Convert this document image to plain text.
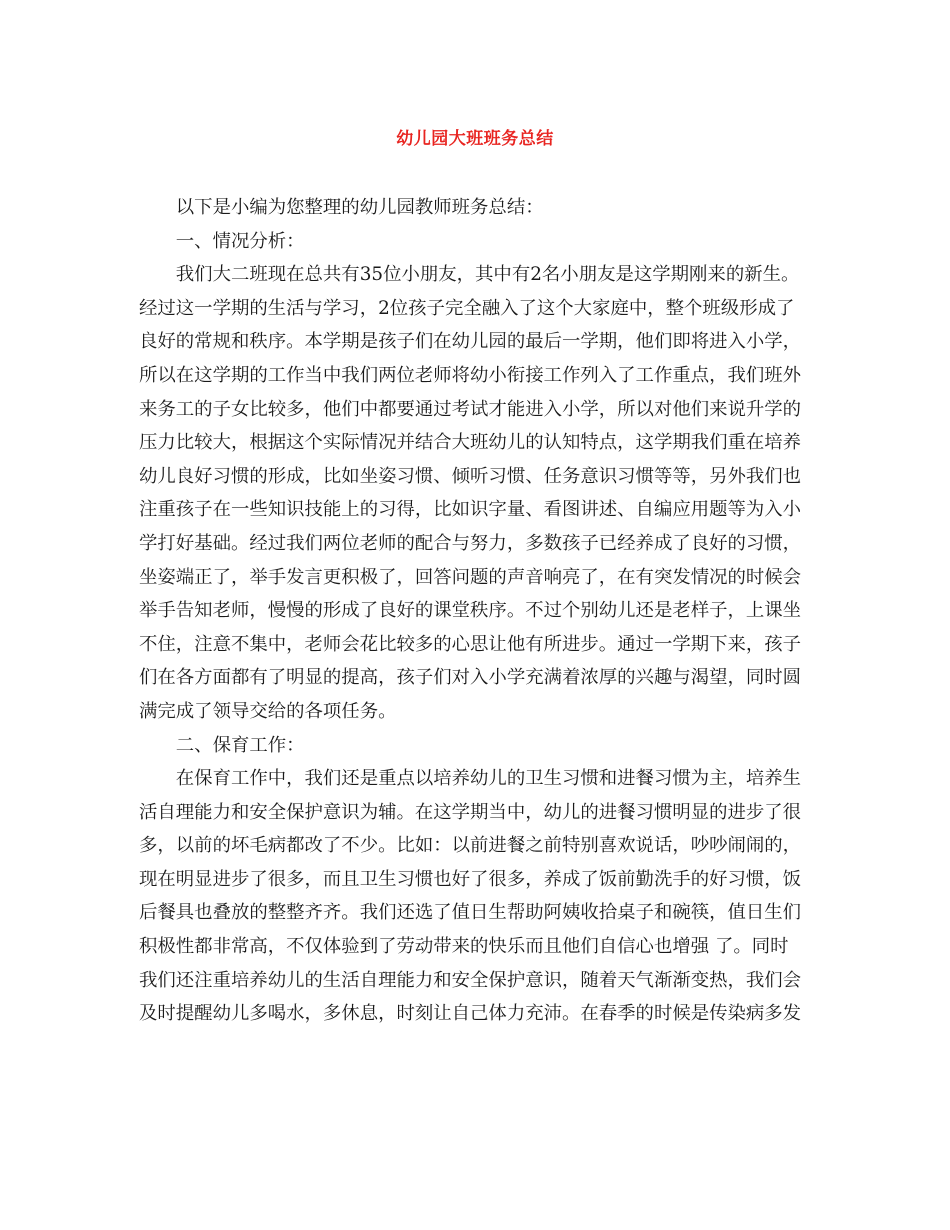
幼儿园大班班务总结
　　以下是小编为您整理的幼儿园教师班务总结：
　　一、情况分析：
　　我们大二班现在总共有35位小朋友，其中有2名小朋友是这学期刚来的新生。
经过这一学期的生活与学习，2位孩子完全融入了这个大家庭中，整个班级形成了
良好的常规和秩序。本学期是孩子们在幼儿园的最后一学期，他们即将进入小学，
所以在这学期的工作当中我们两位老师将幼小衔接工作列入了工作重点，我们班外
来务工的子女比较多，他们中都要通过考试才能进入小学，所以对他们来说升学的
压力比较大，根据这个实际情况并结合大班幼儿的认知特点，这学期我们重在培养
幼儿良好习惯的形成，比如坐姿习惯、倾听习惯、任务意识习惯等等，另外我们也
注重孩子在一些知识技能上的习得，比如识字量、看图讲述、自编应用题等为入小
学打好基础。经过我们两位老师的配合与努力，多数孩子已经养成了良好的习惯，
坐姿端正了，举手发言更积极了，回答问题的声音响亮了，在有突发情况的时候会
举手告知老师，慢慢的形成了良好的课堂秩序。不过个别幼儿还是老样子，上课坐
不住，注意不集中，老师会花比较多的心思让他有所进步。通过一学期下来，孩子
们在各方面都有了明显的提高，孩子们对入小学充满着浓厚的兴趣与渴望，同时圆
满完成了领导交给的各项任务。
　　二、保育工作：
　　在保育工作中，我们还是重点以培养幼儿的卫生习惯和进餐习惯为主，培养生
活自理能力和安全保护意识为辅。在这学期当中，幼儿的进餐习惯明显的进步了很
多，以前的坏毛病都改了不少。比如：以前进餐之前特别喜欢说话，吵吵闹闹的，
现在明显进步了很多，而且卫生习惯也好了很多，养成了饭前勤洗手的好习惯，饭
后餐具也叠放的整整齐齐。我们还选了值日生帮助阿姨收拾桌子和碗筷，值日生们
积极性都非常高，不仅体验到了劳动带来的快乐而且他们自信心也增强 了。同时
我们还注重培养幼儿的生活自理能力和安全保护意识，随着天气渐渐变热，我们会
及时提醒幼儿多喝水，多休息，时刻让自己体力充沛。在春季的时候是传染病多发
